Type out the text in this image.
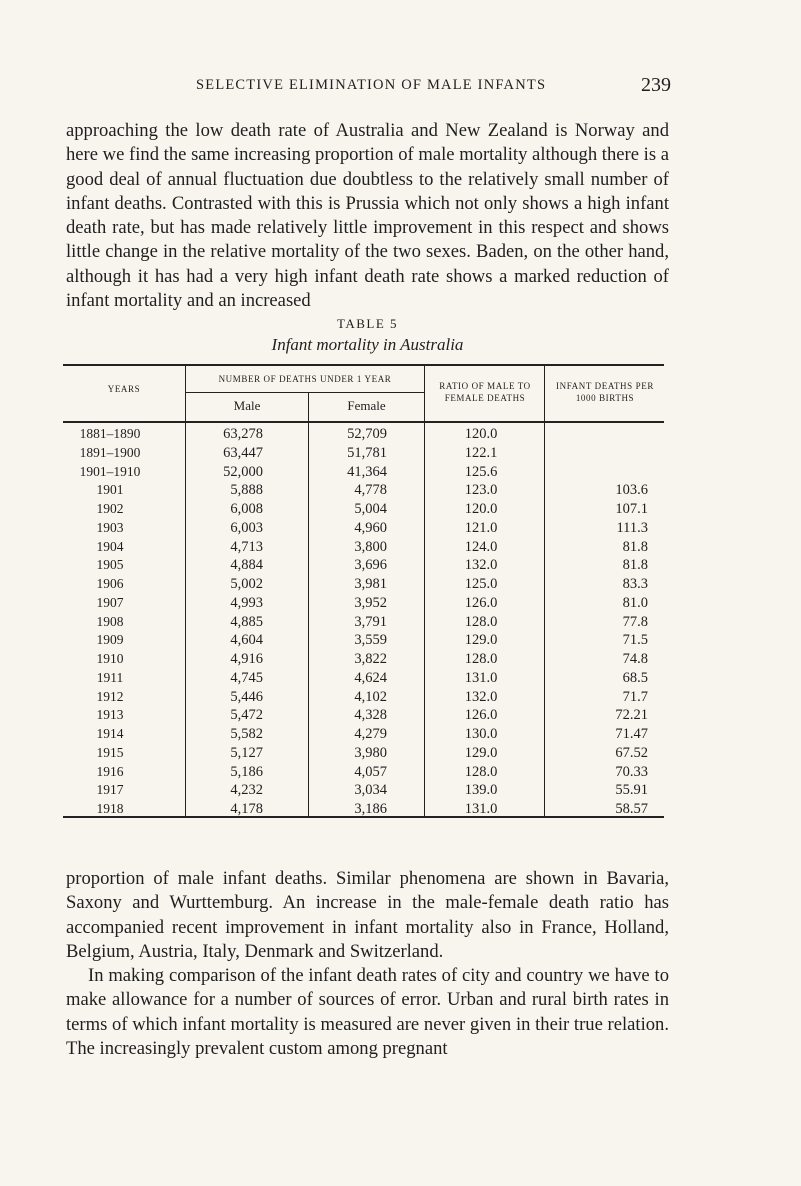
SELECTIVE ELIMINATION OF MALE INFANTS	239

approaching the low death rate of Australia and New Zealand is Norway and here we find the same increasing proportion of male mortality although there is a good deal of annual fluctuation due doubtless to the relatively small number of infant deaths. Contrasted with this is Prussia which not only shows a high infant death rate, but has made relatively little improvement in this respect and shows little change in the relative mortality of the two sexes. Baden, on the other hand, although it has had a very high infant death rate shows a marked reduction of infant mortality and an increased

TABLE 5
Infant mortality in Australia
YEARS
NUMBER OF DEATHS UNDER 1 YEAR
Male	Female
RATIO OF MALE TO FEMALE DEATHS
INFANT DEATHS PER 1000 BIRTHS
1881–1890
1891–1900
1901–1910
1901
1902
1903
1904
1905
1906
1907
1908
1909
1910
1911
1912
1913
1914
1915
1916
1917
1918
63,278
63,447
52,000
5,888
6,008
6,003
4,713
4,884
5,002
4,993
4,885
4,604
4,916
4,745
5,446
5,472
5,582
5,127
5,186
4,232
4,178
52,709
51,781
41,364
4,778
5,004
4,960
3,800
3,696
3,981
3,952
3,791
3,559
3,822
4,624
4,102
4,328
4,279
3,980
4,057
3,034
3,186
120.0
122.1
125.6
123.0
120.0
121.0
124.0
132.0
125.0
126.0
128.0
129.0
128.0
131.0
132.0
126.0
130.0
129.0
128.0
139.0
131.0
103.6
107.1
111.3
81.8
81.8
83.3
81.0
77.8
71.5
74.8
68.5
71.7
72.21
71.47
67.52
70.33
55.91
58.57

proportion of male infant deaths. Similar phenomena are shown in Bavaria, Saxony and Wurttemburg. An increase in the male-female death ratio has accompanied recent improvement in infant mortality also in France, Holland, Belgium, Austria, Italy, Denmark and Switzerland.

In making comparison of the infant death rates of city and country we have to make allowance for a number of sources of error. Urban and rural birth rates in terms of which infant mortality is measured are never given in their true relation. The increasingly prevalent custom among pregnant
